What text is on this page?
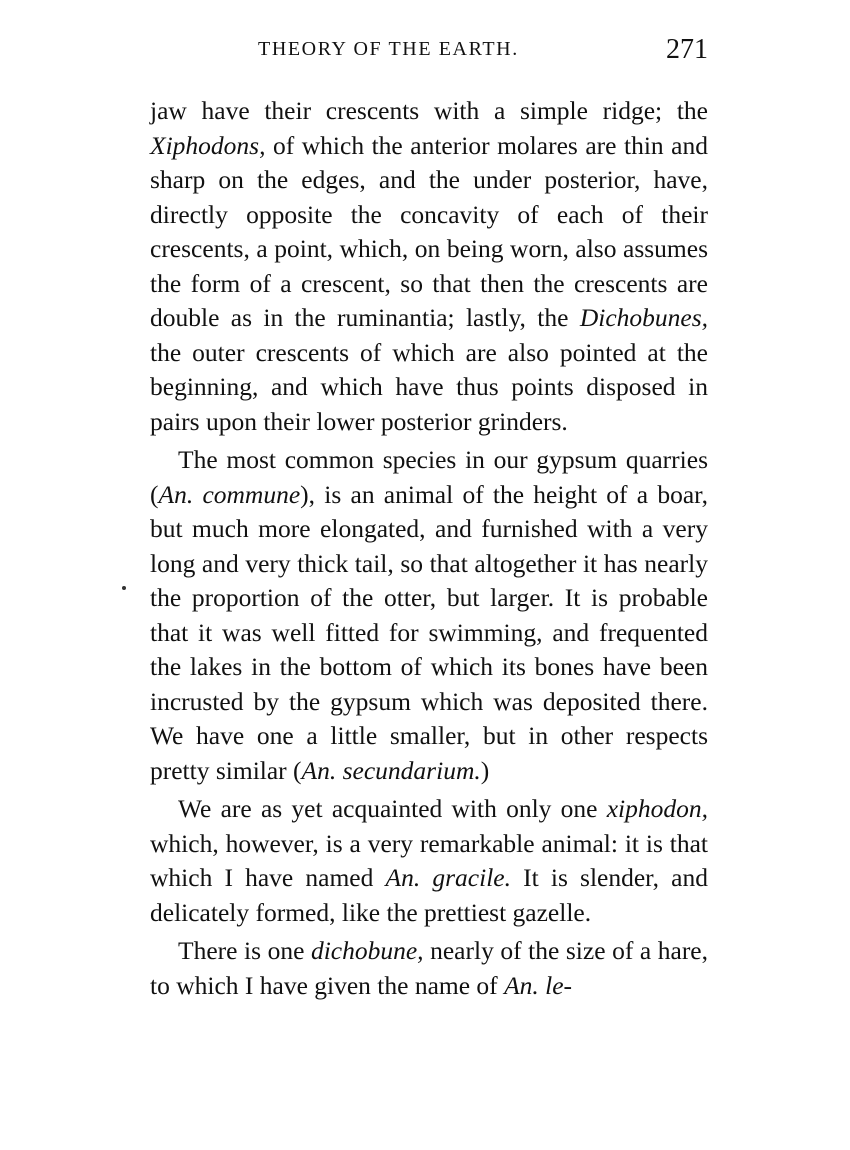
THEORY OF THE EARTH.	271

jaw have their crescents with a simple ridge; the Xiphodons, of which the anterior molares are thin and sharp on the edges, and the under posterior, have, directly opposite the concavity of each of their crescents, a point, which, on being worn, also assumes the form of a crescent, so that then the crescents are double as in the ruminantia; lastly, the Dichobunes, the outer crescents of which are also pointed at the beginning, and which have thus points disposed in pairs upon their lower posterior grinders.

The most common species in our gypsum quarries (An. commune), is an animal of the height of a boar, but much more elongated, and furnished with a very long and very thick tail, so that altogether it has nearly the proportion of the otter, but larger. It is probable that it was well fitted for swimming, and frequented the lakes in the bottom of which its bones have been incrusted by the gypsum which was deposited there. We have one a little smaller, but in other respects pretty similar (An. secundarium.)

We are as yet acquainted with only one xiphodon, which, however, is a very remarkable animal: it is that which I have named An. gracile. It is slender, and delicately formed, like the prettiest gazelle.

There is one dichobune, nearly of the size of a hare, to which I have given the name of An. le-
